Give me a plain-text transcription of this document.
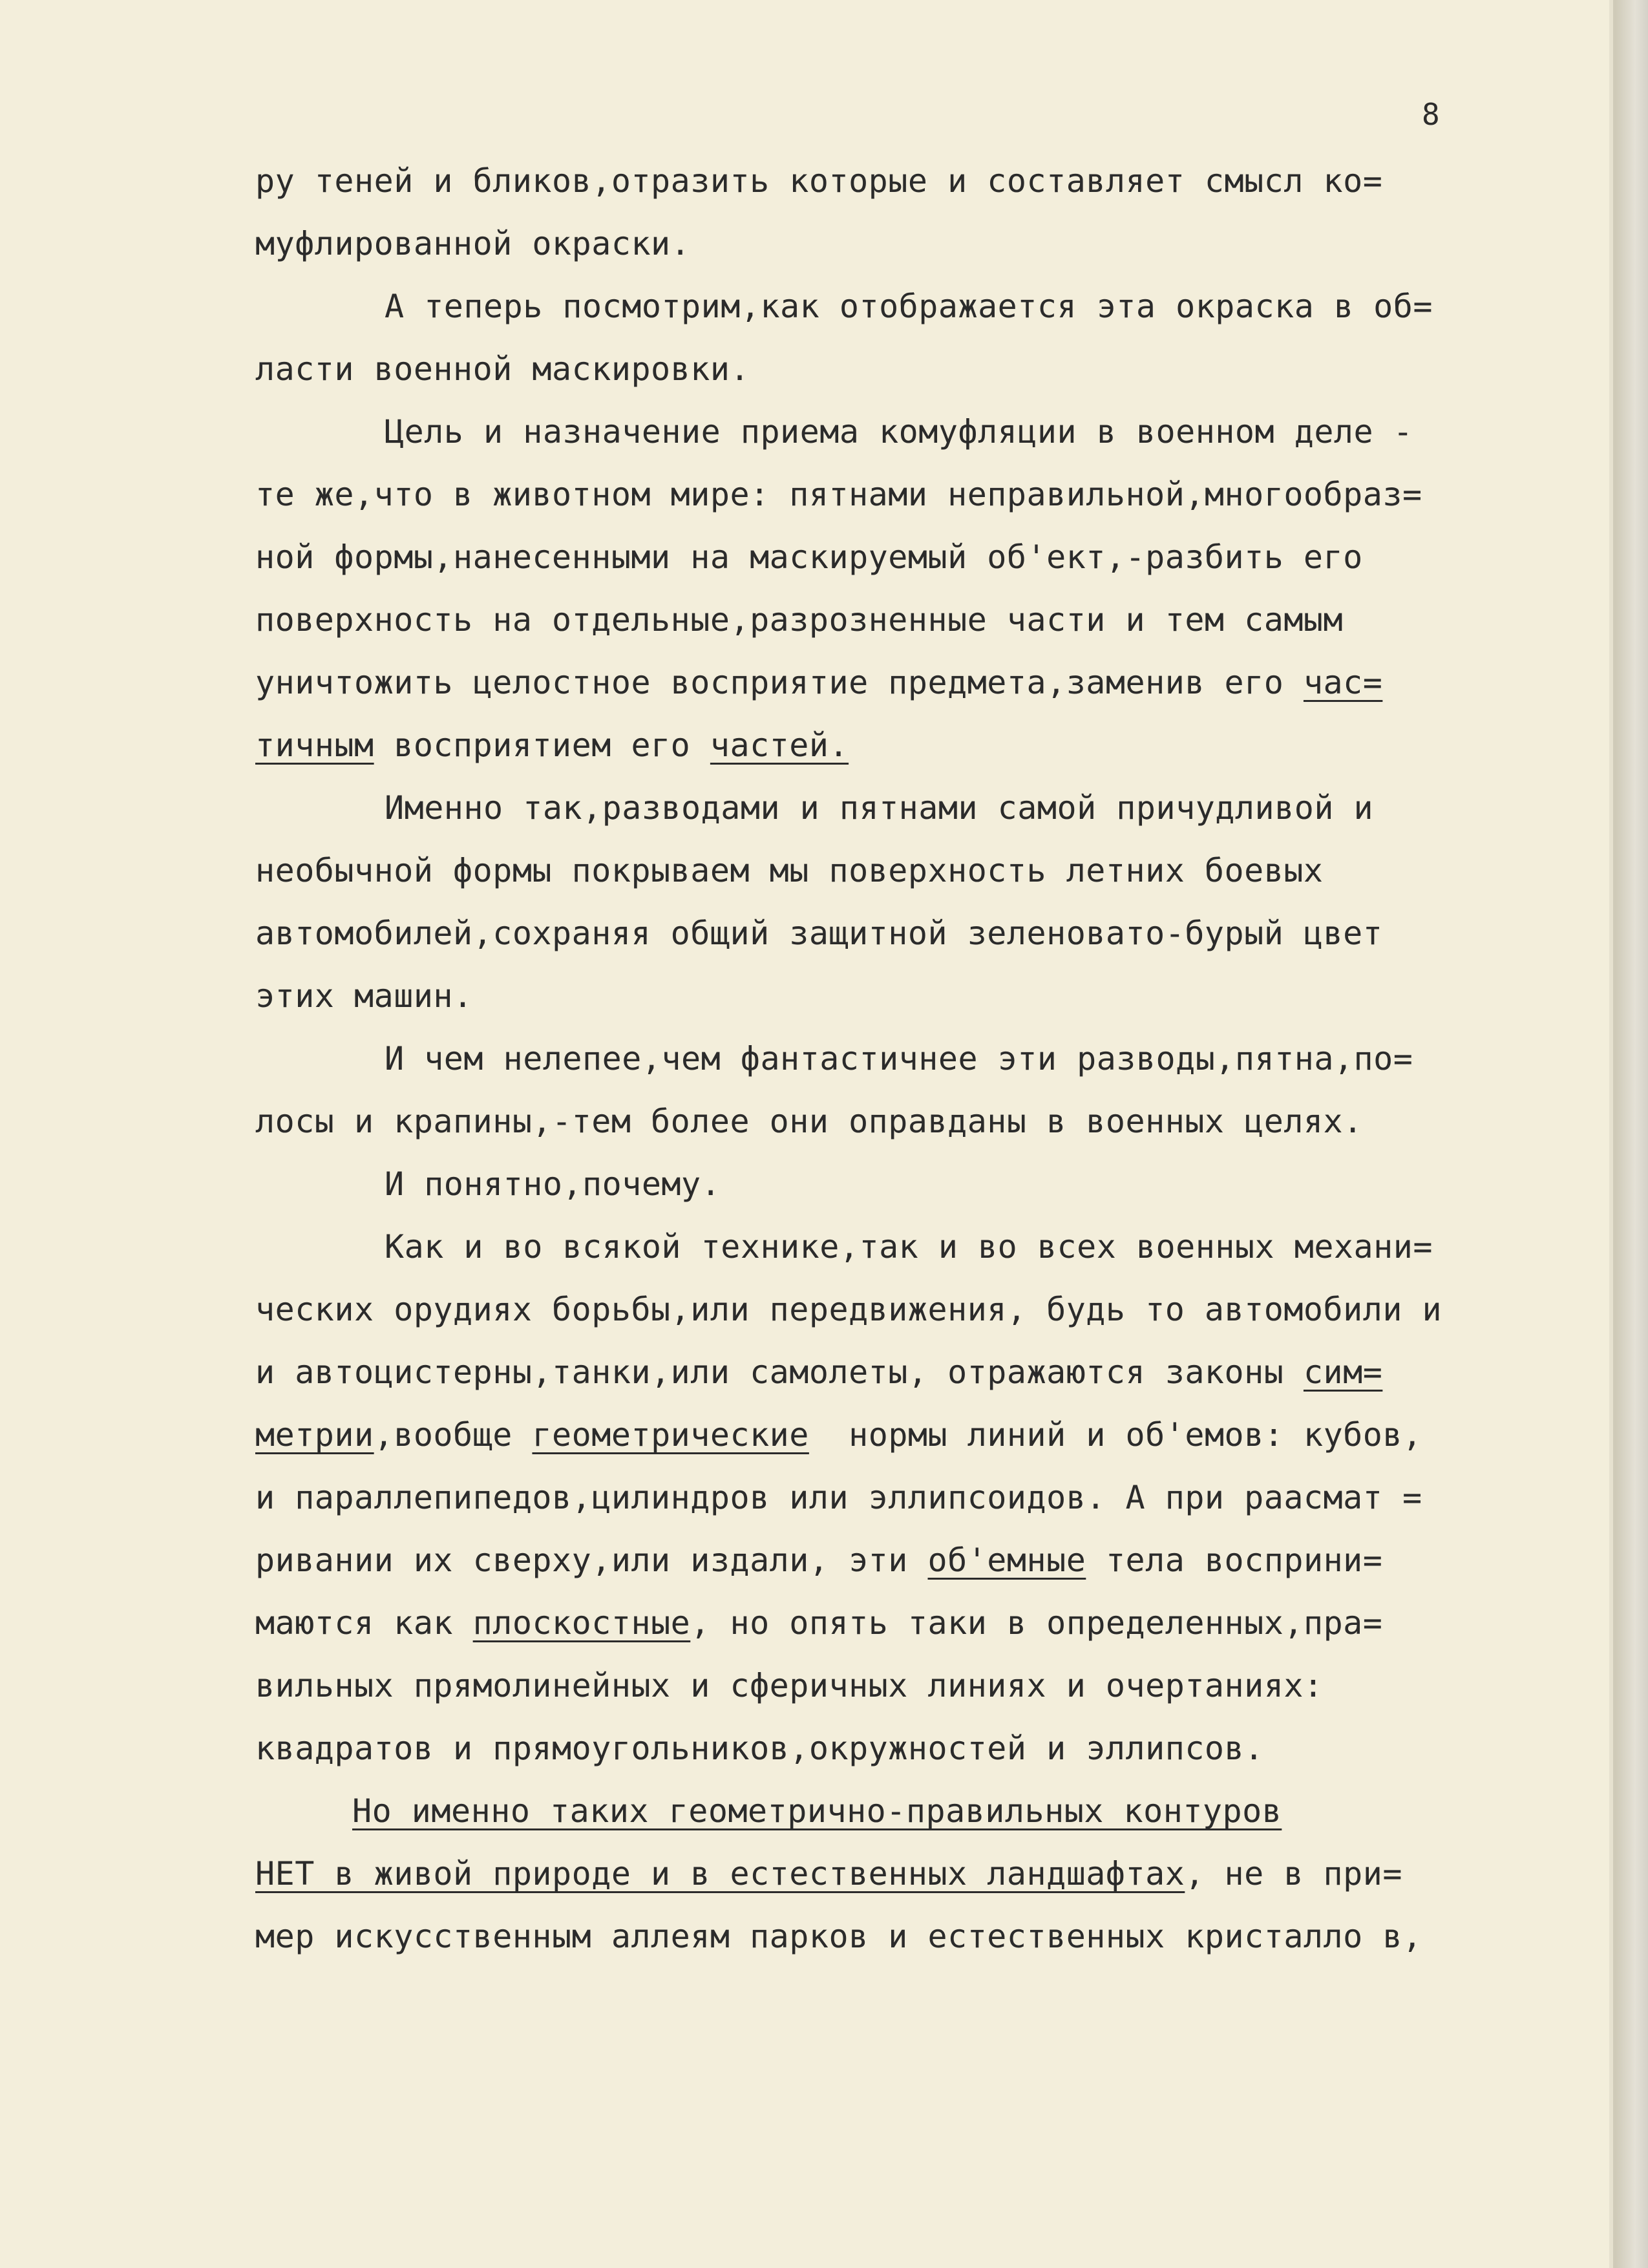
8
ру теней и бликов,отразить которые и составляет смысл ко=
муфлированной окраски.
А теперь посмотрим,как отображается эта окраска в об=
ласти военной маскировки.
Цель и назначение приема комуфляции в военном деле -
те же,что в животном мире: пятнами неправильной,многообраз=
ной формы,нанесенными на маскируемый об'ект,-разбить его
поверхность на отдельные,разрозненные части и тем самым
уничтожить целостное восприятие предмета,заменив его час=
тичным восприятием его частей.
Именно так,разводами и пятнами самой причудливой и
необычной формы покрываем мы поверхность летних боевых
автомобилей,сохраняя общий защитной зеленовато-бурый цвет
этих машин.
И чем нелепее,чем фантастичнее эти разводы,пятна,по=
лосы и крапины,-тем более они оправданы в военных целях.
И понятно,почему.
Как и во всякой технике,так и во всех военных механи=
ческих орудиях борьбы,или передвижения, будь то автомобили и
и автоцистерны,танки,или самолеты, отражаются законы сим=
метрии,вообще геометрические нормы линий и об'емов: кубов,
и параллепипедов,цилиндров или эллипсоидов. А при раасмат =
ривании их сверху,или издали, эти об'емные тела восприни=
маются как плоскостные, но опять таки в определенных,пра=
вильных прямолинейных и сферичных линиях и очертаниях:
квадратов и прямоугольников,окружностей и эллипсов.
Но именно таких геометрично-правильных контуров
НЕТ в живой природе и в естественных ландшафтах, не в при=
мер искусственным аллеям парков и естественных кристалло в,
